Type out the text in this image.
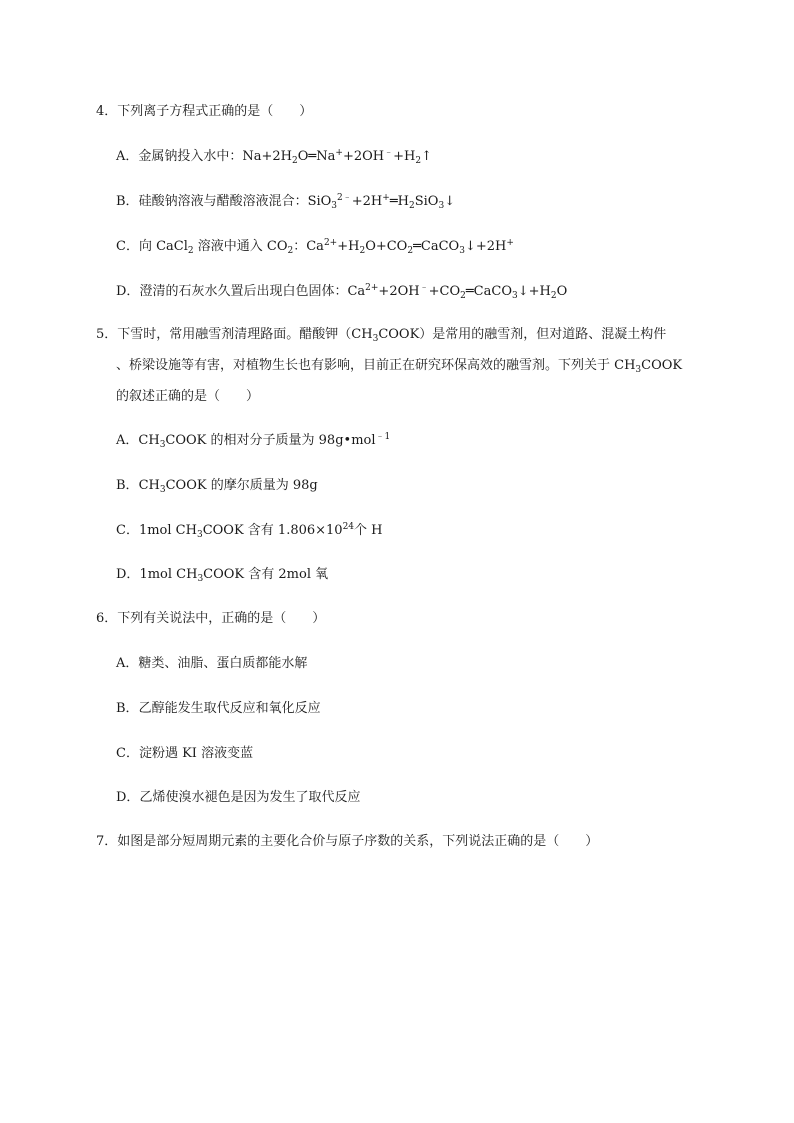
4．下列离子方程式正确的是（　　）
A．金属钠投入水中：$Na+2H_2O═Na^++2OH^﹣+H_2↑$
B．硅酸钠溶液与醋酸溶液混合：$SiO_3^{2﹣}+2H^+═H_2SiO_3↓$
C．向 CaCl$_2$ 溶液中通入 $CO_2$：$Ca^{2+}+H_2O+CO_2═CaCO_3↓+2H^+$
D．澄清的石灰水久置后出现白色固体：$Ca^{2+}+2OH^﹣+CO_2═CaCO_3↓+H_2O$
5．下雪时，常用融雪剂清理路面。醋酸钾$(CH_3COOK)$是常用的融雪剂，但对道路、混凝土构件
、桥梁设施等有害，对植物生长也有影响，目前正在研究环保高效的融雪剂。下列关于 $CH_3COOK$
的叙述正确的是（　　）
A．$CH_3COOK$ 的相对分子质量为 98g•mol$^{﹣1}$
B．$CH_3COOK$ 的摩尔质量为 98g
C．1mol $CH_3COOK$ 含有 $1.806\times 10^{24}$个 H
D．1mol $CH_3COOK$ 含有 2mol 氧
6．下列有关说法中，正确的是（　　）
A．糖类、油脂、蛋白质都能水解
B．乙醇能发生取代反应和氧化反应
C．淀粉遇 KI 溶液变蓝
D．乙烯使溴水褪色是因为发生了取代反应
7．如图是部分短周期元素的主要化合价与原子序数的关系，下列说法正确的是（　　）
